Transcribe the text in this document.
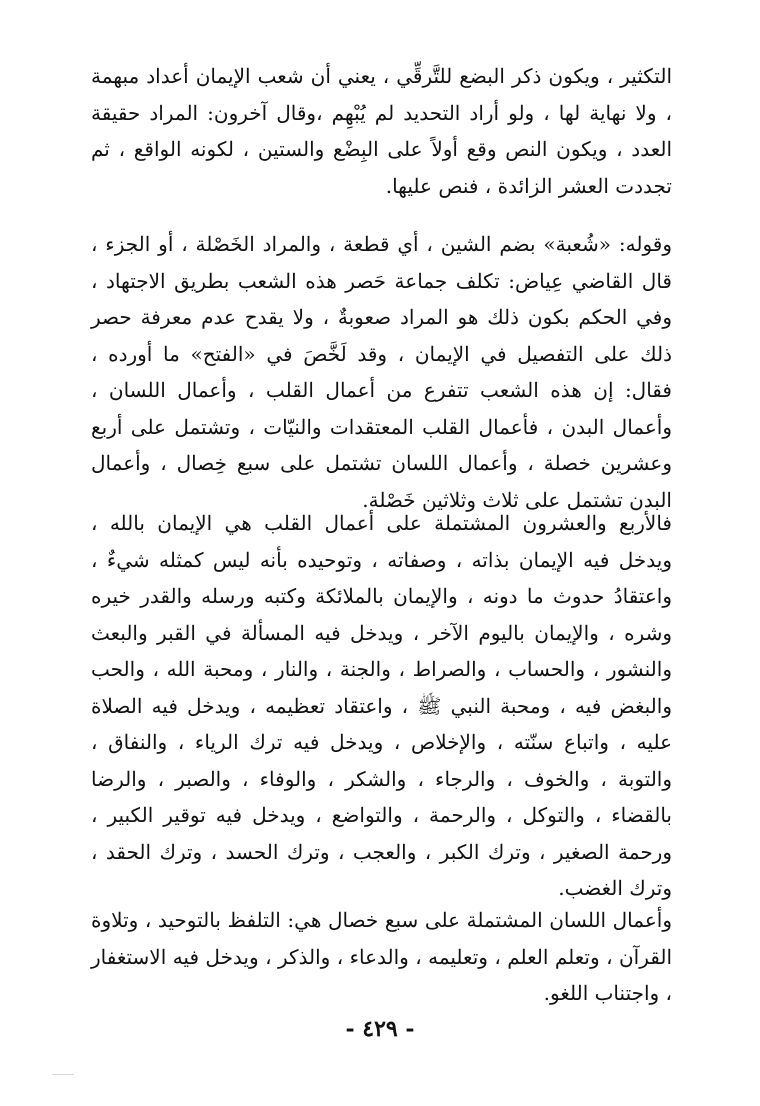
التكثير ، ويكون ذكر البضع للتَّرقِّي ، يعني أن شعب الإيمان أعداد مبهمة ، ولا نهاية لها ، ولو أراد التحديد لم يُبْهِم ،وقال آخرون: المراد حقيقة العدد ، ويكون النص وقع أولاً على البِضْع والستين ، لكونه الواقع ، ثم تجددت العشر الزائدة ، فنص عليها.

وقوله: «شُعبة» بضم الشين ، أي قطعة ، والمراد الخَصْلة ، أو الجزء ، قال القاضي عِياض: تكلف جماعة حَصر هذه الشعب بطريق الاجتهاد ، وفي الحكم بكون ذلك هو المراد صعوبةٌ ، ولا يقدح عدم معرفة حصر ذلك على التفصيل في الإيمان ، وقد لَخَّصَ في «الفتح» ما أورده ، فقال: إن هذه الشعب تتفرع من أعمال القلب ، وأعمال اللسان ، وأعمال البدن ، فأعمال القلب المعتقدات والنيّات ، وتشتمل على أربع وعشرين خصلة ، وأعمال اللسان تشتمل على سبع خِصال ، وأعمال البدن تشتمل على ثلاث وثلاثين خَصْلة.

فالأربع والعشرون المشتملة على أعمال القلب هي الإيمان بالله ، ويدخل فيه الإيمان بذاته ، وصفاته ، وتوحيده بأنه ليس كمثله شيءٌ ، واعتقادُ حدوث ما دونه ، والإيمان بالملائكة وكتبه ورسله والقدر خيره وشره ، والإيمان باليوم الآخر ، ويدخل فيه المسألة في القبر والبعث والنشور ، والحساب ، والصراط ، والجنة ، والنار ، ومحبة الله ، والحب والبغض فيه ، ومحبة النبي ﷺ ، واعتقاد تعظيمه ، ويدخل فيه الصلاة عليه ، واتباع سنّته ، والإخلاص ، ويدخل فيه ترك الرياء ، والنفاق ، والتوبة ، والخوف ، والرجاء ، والشكر ، والوفاء ، والصبر ، والرضا بالقضاء ، والتوكل ، والرحمة ، والتواضع ، ويدخل فيه توقير الكبير ، ورحمة الصغير ، وترك الكبر ، والعجب ، وترك الحسد ، وترك الحقد ، وترك الغضب.

وأعمال اللسان المشتملة على سبع خصال هي: التلفظ بالتوحيد ، وتلاوة القرآن ، وتعلم العلم ، وتعليمه ، والدعاء ، والذكر ، ويدخل فيه الاستغفار ، واجتناب اللغو.

- ٤٢٩ -
